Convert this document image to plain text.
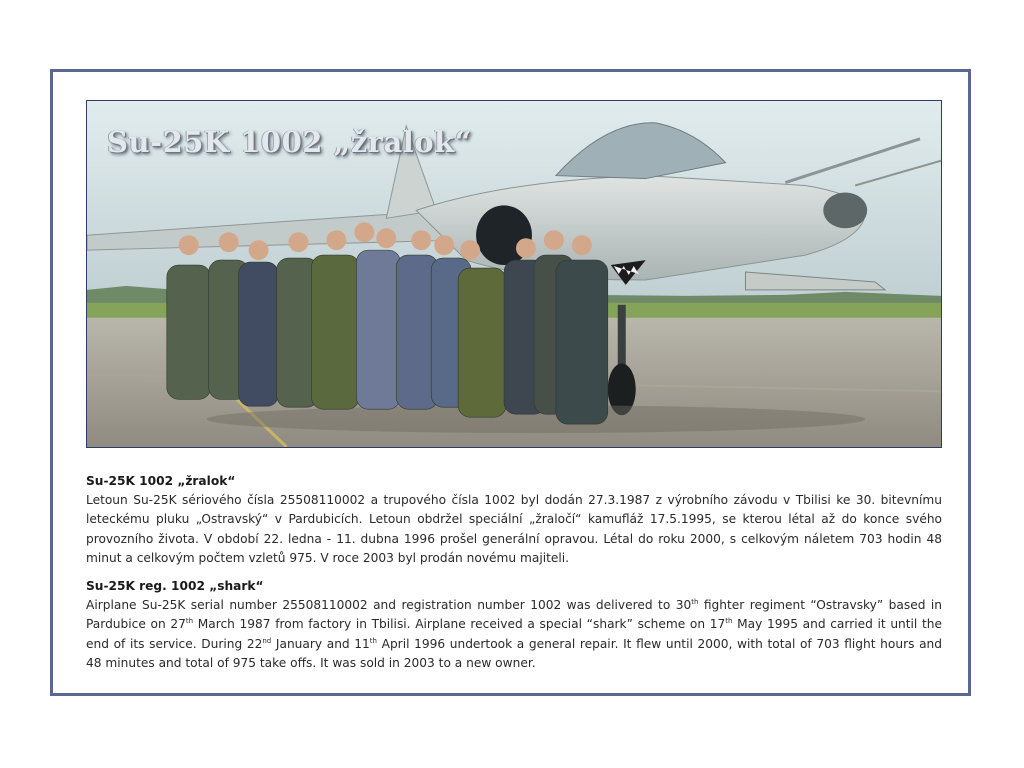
Su-25K 1002 „žralok“
Su-25K 1002 „žralok“

Letoun Su-25K sériového čísla 25508110002 a trupového čísla 1002 byl dodán 27.3.1987 z výrobního závodu v Tbilisi ke 30. bitevnímu leteckému pluku „Ostravský“ v Pardubicích. Letoun obdržel speciální „žraločí“ kamufláž 17.5.1995, se kterou létal až do konce svého provozního života. V období 22. ledna - 11. dubna 1996 prošel generální opravou. Létal do roku 2000, s celkovým náletem 703 hodin 48 minut a celkovým počtem vzletů 975. V roce 2003 byl prodán novému majiteli.

Su-25K reg. 1002 „shark“

Airplane Su-25K serial number 25508110002 and registration number 1002 was delivered to 30th fighter regiment “Ostravsky” based in Pardubice on 27th March 1987 from factory in Tbilisi. Airplane received a special “shark” scheme on 17th May 1995 and carried it until the end of its service. During 22nd January and 11th April 1996 undertook a general repair. It flew until 2000, with total of 703 flight hours and 48 minutes and total of 975 take offs. It was sold in 2003 to a new owner.
